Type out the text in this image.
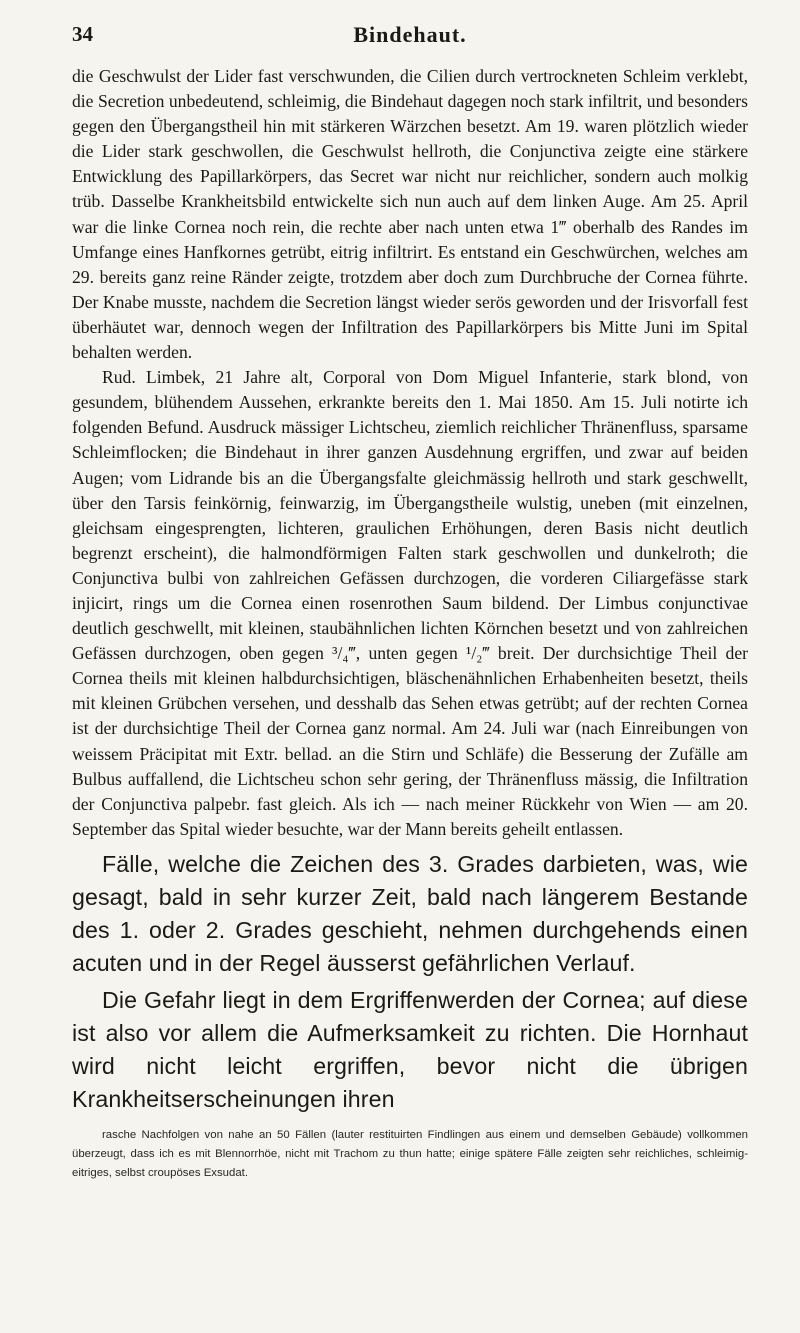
34	Bindehaut.

die Geschwulst der Lider fast verschwunden, die Cilien durch vertrockneten Schleim verklebt, die Secretion unbedeutend, schleimig, die Bindehaut dagegen noch stark infiltrit, und besonders gegen den Übergangstheil hin mit stärkeren Wärzchen besetzt. Am 19. waren plötzlich wieder die Lider stark geschwollen, die Geschwulst hellroth, die Conjunctiva zeigte eine stärkere Entwicklung des Papillarkörpers, das Secret war nicht nur reichlicher, sondern auch molkig trüb. Dasselbe Krankheitsbild entwickelte sich nun auch auf dem linken Auge. Am 25. April war die linke Cornea noch rein, die rechte aber nach unten etwa 1‴ oberhalb des Randes im Umfange eines Hanfkornes getrübt, eitrig infiltrirt. Es entstand ein Geschwürchen, welches am 29. bereits ganz reine Ränder zeigte, trotzdem aber doch zum Durchbruche der Cornea führte. Der Knabe musste, nachdem die Secretion längst wieder serös geworden und der Irisvorfall fest überhäutet war, dennoch wegen der Infiltration des Papillarkörpers bis Mitte Juni im Spital behalten werden.

Rud. Limbek, 21 Jahre alt, Corporal von Dom Miguel Infanterie, stark blond, von gesundem, blühendem Aussehen, erkrankte bereits den 1. Mai 1850. Am 15. Juli notirte ich folgenden Befund. Ausdruck mässiger Lichtscheu, ziemlich reichlicher Thränenfluss, sparsame Schleimflocken; die Bindehaut in ihrer ganzen Ausdehnung ergriffen, und zwar auf beiden Augen; vom Lidrande bis an die Übergangsfalte gleichmässig hellroth und stark geschwellt, über den Tarsis feinkörnig, feinwarzig, im Übergangstheile wulstig, uneben (mit einzelnen, gleichsam eingesprengten, lichteren, graulichen Erhöhungen, deren Basis nicht deutlich begrenzt erscheint), die halmondförmigen Falten stark geschwollen und dunkelroth; die Conjunctiva bulbi von zahlreichen Gefässen durchzogen, die vorderen Ciliargefässe stark injicirt, rings um die Cornea einen rosenrothen Saum bildend. Der Limbus conjunctivae deutlich geschwellt, mit kleinen, staubähnlichen lichten Körnchen besetzt und von zahlreichen Gefässen durchzogen, oben gegen ³/₄‴, unten gegen ¹/₂‴ breit. Der durchsichtige Theil der Cornea theils mit kleinen halbdurchsichtigen, bläschenähnlichen Erhabenheiten besetzt, theils mit kleinen Grübchen versehen, und desshalb das Sehen etwas getrübt; auf der rechten Cornea ist der durchsichtige Theil der Cornea ganz normal. Am 24. Juli war (nach Einreibungen von weissem Präcipitat mit Extr. bellad. an die Stirn und Schläfe) die Besserung der Zufälle am Bulbus auffallend, die Lichtscheu schon sehr gering, der Thränenfluss mässig, die Infiltration der Conjunctiva palpebr. fast gleich. Als ich — nach meiner Rückkehr von Wien — am 20. September das Spital wieder besuchte, war der Mann bereits geheilt entlassen.

Fälle, welche die Zeichen des 3. Grades darbieten, was, wie gesagt, bald in sehr kurzer Zeit, bald nach längerem Bestande des 1. oder 2. Grades geschieht, nehmen durchgehends einen acuten und in der Regel äusserst gefährlichen Verlauf.

Die Gefahr liegt in dem Ergriffenwerden der Cornea; auf diese ist also vor allem die Aufmerksamkeit zu richten. Die Hornhaut wird nicht leicht ergriffen, bevor nicht die übrigen Krankheitserscheinungen ihren

rasche Nachfolgen von nahe an 50 Fällen (lauter restituirten Findlingen aus einem und demselben Gebäude) vollkommen überzeugt, dass ich es mit Blennorrhöe, nicht mit Trachom zu thun hatte; einige spätere Fälle zeigten sehr reichliches, schleimig-eitriges, selbst croupöses Exsudat.
